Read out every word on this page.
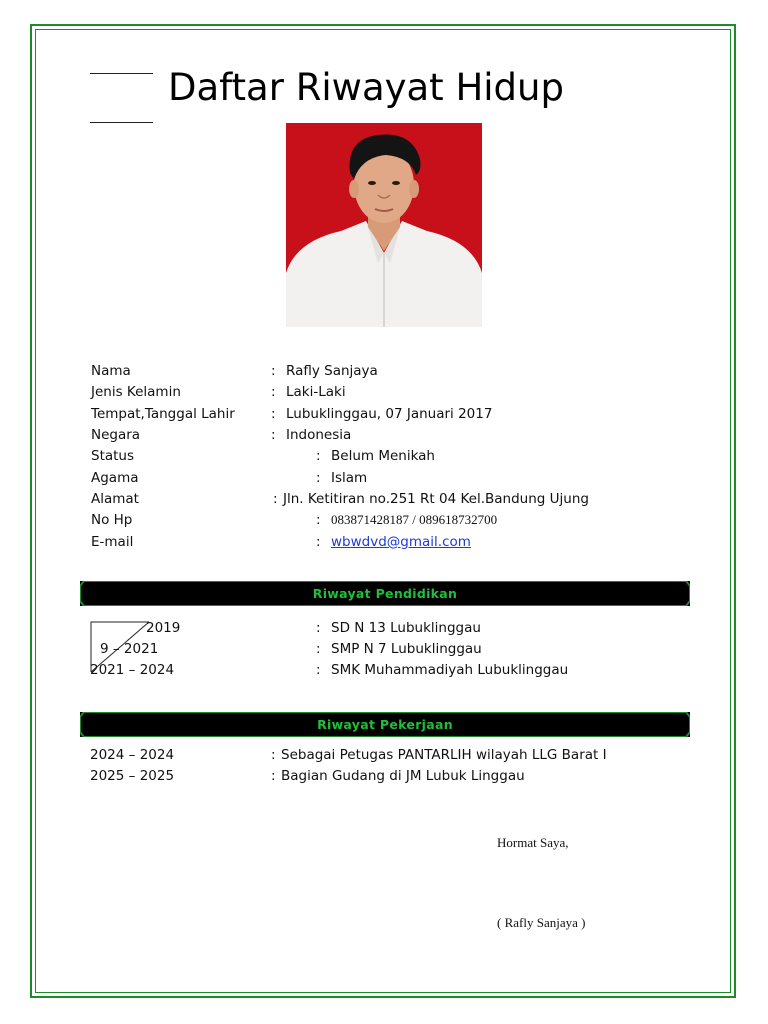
Daftar Riwayat Hidup
Nama	: Rafly Sanjaya
Jenis Kelamin	: Laki-Laki
Tempat,Tanggal Lahir	: Lubuklinggau, 07 Januari 2017
Negara	: Indonesia
Status	: Belum Menikah
Agama	: Islam
Alamat	: Jln. Ketitiran no.251 Rt 04 Kel.Bandung Ujung
No Hp	: 083871428187 / 089618732700
E-mail	: wbwdvd@gmail.com
Riwayat Pendidikan
2019	: SD N 13 Lubuklinggau
9 – 2021	: SMP N 7 Lubuklinggau
2021 – 2024	: SMK Muhammadiyah Lubuklinggau
Riwayat Pekerjaan
2024 – 2024	: Sebagai Petugas PANTARLIH wilayah LLG Barat I
2025 – 2025	: Bagian Gudang di JM Lubuk Linggau
Hormat Saya,
( Rafly Sanjaya )
